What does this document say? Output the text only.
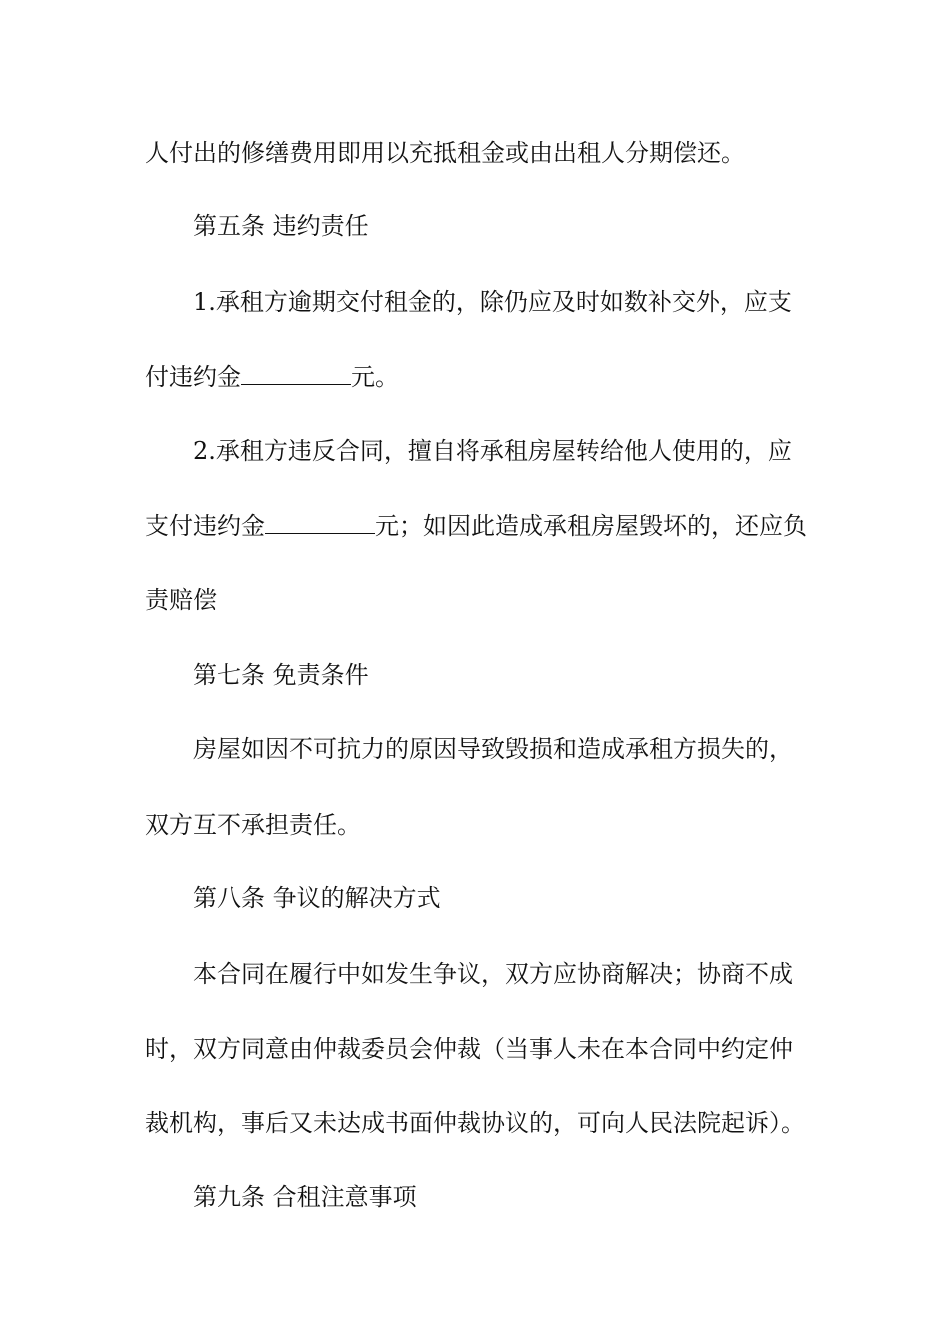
人付出的修缮费用即用以充抵租金或由出租人分期偿还。
第五条 违约责任
1.承租方逾期交付租金的，除仍应及时如数补交外，应支
付违约金	元。
2.承租方违反合同，擅自将承租房屋转给他人使用的，应
支付违约金	元；如因此造成承租房屋毁坏的，还应负
责赔偿
第七条 免责条件
房屋如因不可抗力的原因导致毁损和造成承租方损失的，
双方互不承担责任。
第八条 争议的解决方式
本合同在履行中如发生争议，双方应协商解决；协商不成
时，双方同意由仲裁委员会仲裁（当事人未在本合同中约定仲
裁机构，事后又未达成书面仲裁协议的，可向人民法院起诉）。
第九条 合租注意事项
